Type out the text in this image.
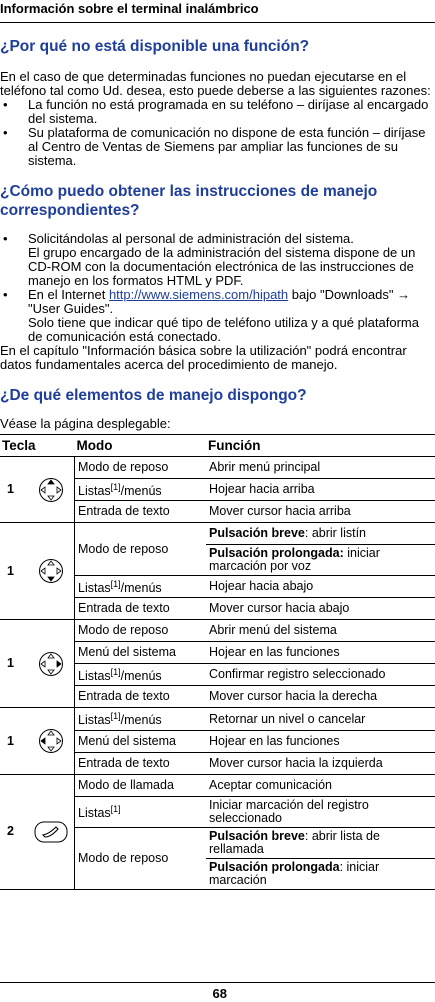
Información sobre el terminal inalámbrico
¿Por qué no está disponible una función?

En el caso de que determinadas funciones no puedan ejecutarse en el teléfono tal como Ud. desea, esto puede deberse a las siguientes razones:

• La función no está programada en su teléfono – diríjase al encargado del sistema.
• Su plataforma de comunicación no dispone de esta función – diríjase al Centro de Ventas de Siemens par ampliar las funciones de su sistema.
¿Cómo puedo obtener las instrucciones de manejo correspondientes?
• Solicitándolas al personal de administración del sistema.
El grupo encargado de la administración del sistema dispone de un CD-ROM con la documentación electrónica de las instrucciones de manejo en los formatos HTML y PDF.
• En el Internet http://www.siemens.com/hipath bajo "Downloads" → "User Guides".
Solo tiene que indicar qué tipo de teléfono utiliza y a qué plataforma de comunicación está conectado.

En el capítulo "Información básica sobre la utilización" podrá encontrar datos fundamentales acerca del procedimiento de manejo.

¿De qué elementos de manejo dispongo?

Véase la página desplegable:

Tecla		Modo	Función
1		Modo de reposo	Abrir menú principal
		Listas[1]/menús	Hojear hacia arriba
		Entrada de texto	Mover cursor hacia arriba
1		Modo de reposo	Pulsación breve: abrir listín
			Pulsación prolongada: iniciar marcación por voz
		Listas[1]/menús	Hojear hacia abajo
		Entrada de texto	Mover cursor hacia abajo
1		Modo de reposo	Abrir menú del sistema
		Menú del sistema	Hojear en las funciones
		Listas[1]/menús	Confirmar registro seleccionado
		Entrada de texto	Mover cursor hacia la derecha
1		Listas[1]/menús	Retornar un nivel o cancelar
		Menú del sistema	Hojear en las funciones
		Entrada de texto	Mover cursor hacia la izquierda
2		Modo de llamada	Aceptar comunicación
		Listas[1]	Iniciar marcación del registro seleccionado
		Modo de reposo	Pulsación breve: abrir lista de rellamada
			Pulsación prolongada: iniciar marcación
68
